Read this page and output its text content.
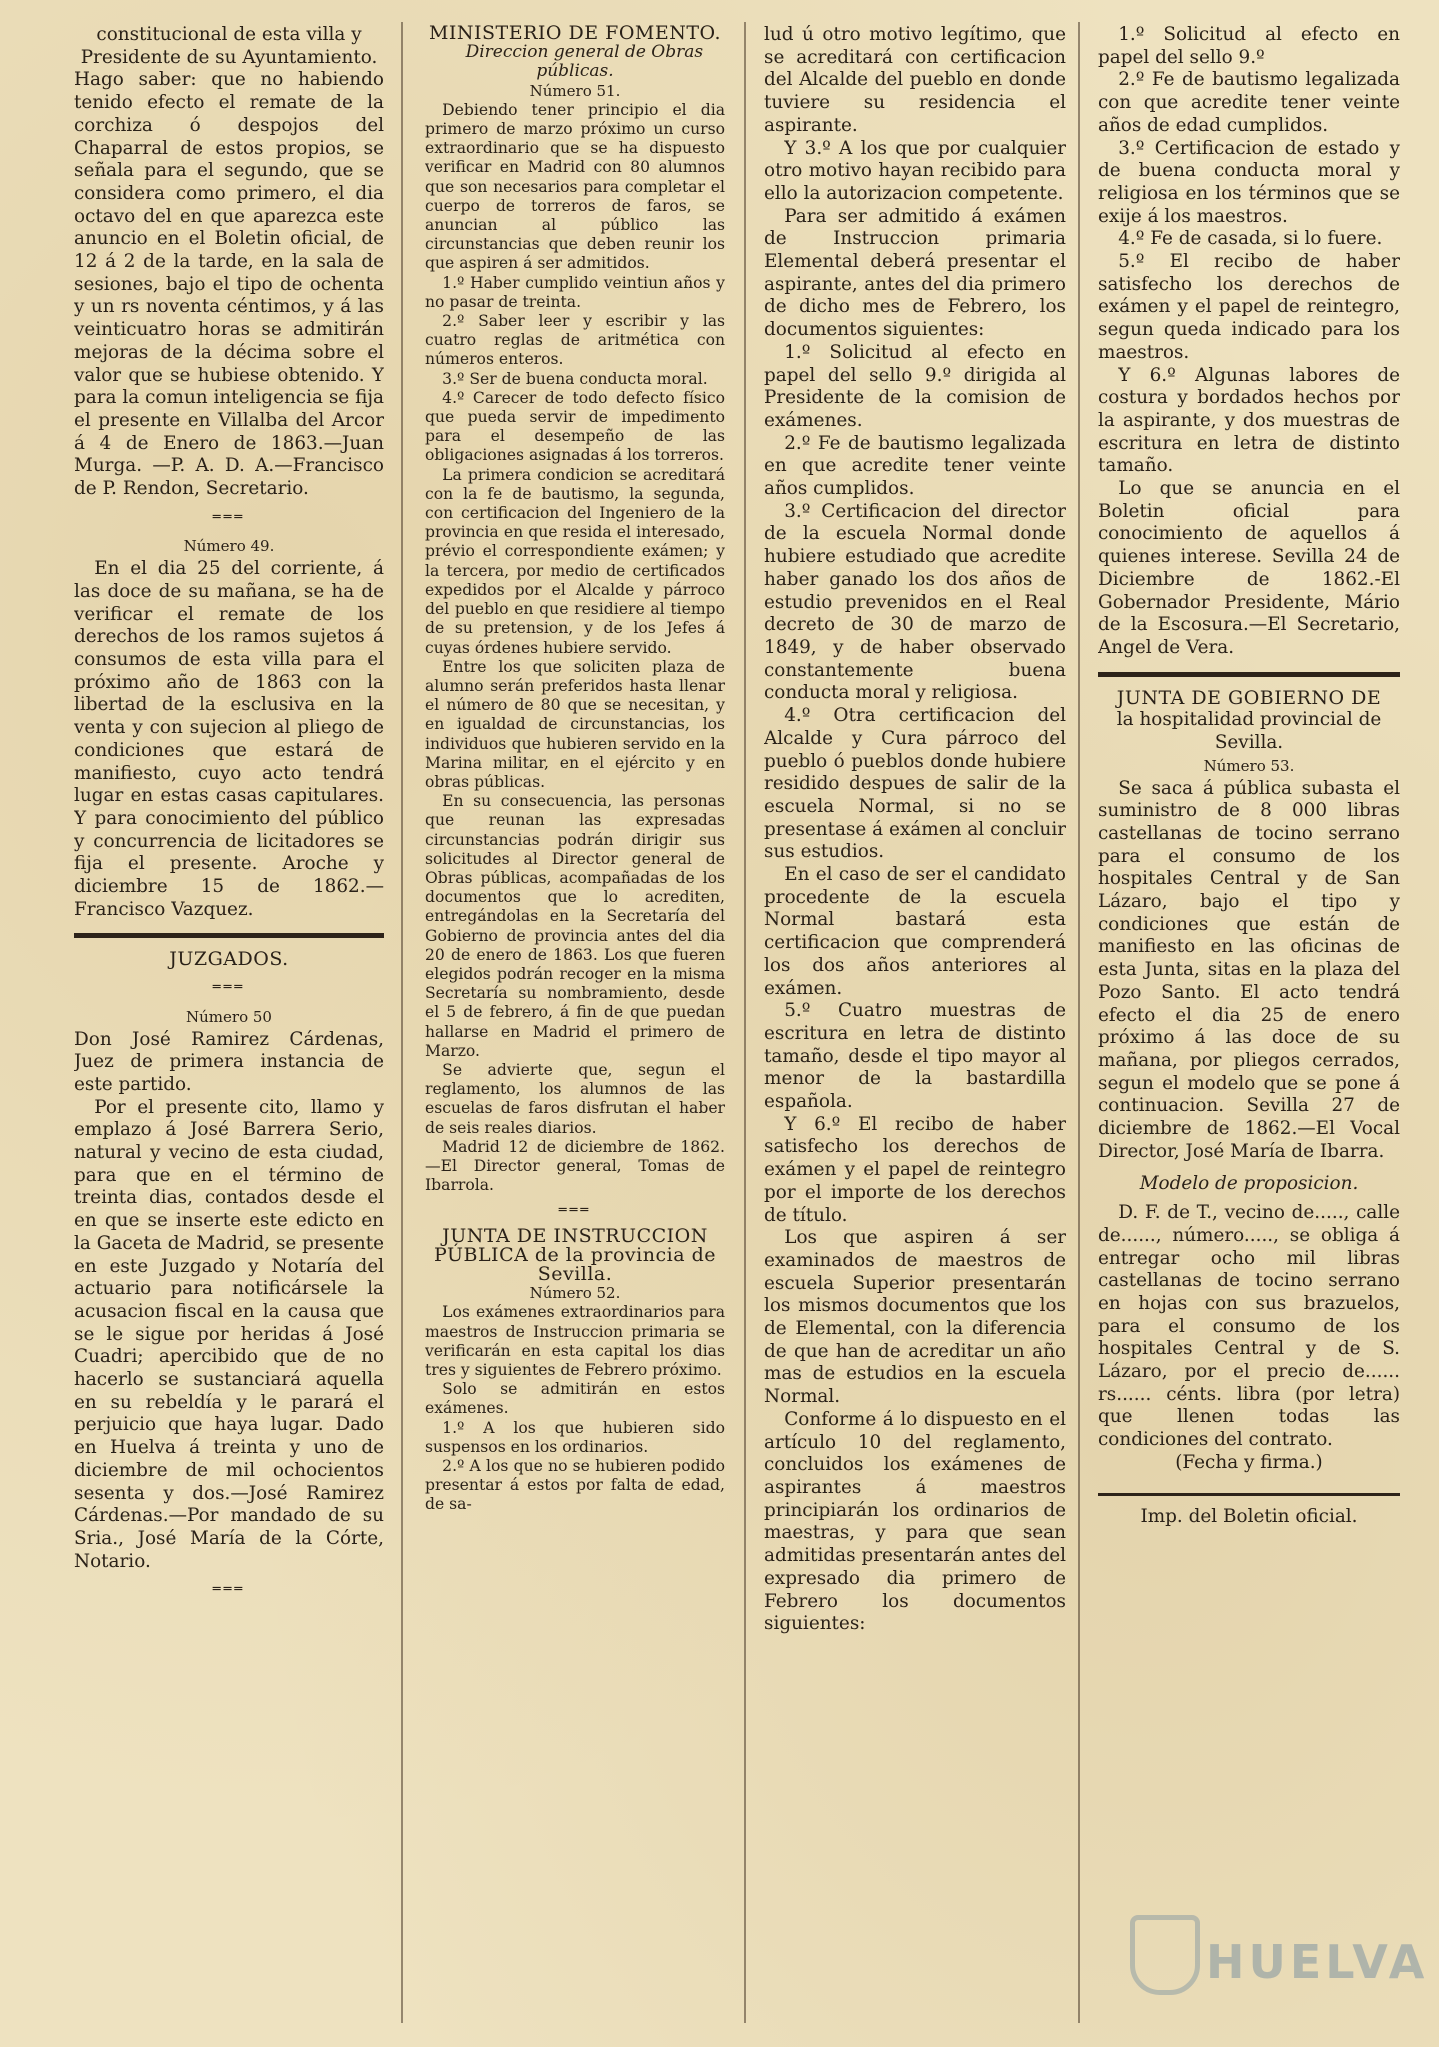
constitucional de esta villa y Presidente de su Ayuntamiento.

Hago saber: que no habiendo tenido efecto el remate de la corchiza ó despojos del Chaparral de estos propios, se señala para el segundo, que se considera como primero, el dia octavo del en que aparezca este anuncio en el Boletin oficial, de 12 á 2 de la tarde, en la sala de sesiones, bajo el tipo de ochenta y un rs noventa céntimos, y á las veinticuatro horas se admitirán mejoras de la décima sobre el valor que se hubiese obtenido. Y para la comun inteligencia se fija el presente en Villalba del Arcor á 4 de Enero de 1863.—Juan Murga. —P. A. D. A.—Francisco de P. Rendon, Secretario.

═══

Número 49.

En el dia 25 del corriente, á las doce de su mañana, se ha de verificar el remate de los derechos de los ramos sujetos á consumos de esta villa para el próximo año de 1863 con la libertad de la esclusiva en la venta y con sujecion al pliego de condiciones que estará de manifiesto, cuyo acto tendrá lugar en estas casas capitulares. Y para conocimiento del público y concurrencia de licitadores se fija el presente. Aroche y diciembre 15 de 1862.—Francisco Vazquez.

JUZGADOS.

═══

Número 50

Don José Ramirez Cárdenas, Juez de primera instancia de este partido.

Por el presente cito, llamo y emplazo á José Barrera Serio, natural y vecino de esta ciudad, para que en el término de treinta dias, contados desde el en que se inserte este edicto en la Gaceta de Madrid, se presente en este Juzgado y Notaría del actuario para notificársele la acusacion fiscal en la causa que se le sigue por heridas á José Cuadri; apercibido que de no hacerlo se sustanciará aquella en su rebeldía y le parará el perjuicio que haya lugar. Dado en Huelva á treinta y uno de diciembre de mil ochocientos sesenta y dos.—José Ramirez Cárdenas.—Por mandado de su Sria., José María de la Córte, Notario.

═══

MINISTERIO DE FOMENTO.

Direccion general de Obras públicas.

Número 51.

Debiendo tener principio el dia primero de marzo próximo un curso extraordinario que se ha dispuesto verificar en Madrid con 80 alumnos que son necesarios para completar el cuerpo de torreros de faros, se anuncian al público las circunstancias que deben reunir los que aspiren á ser admitidos.

1.º Haber cumplido veintiun años y no pasar de treinta.

2.º Saber leer y escribir y las cuatro reglas de aritmética con números enteros.

3.º Ser de buena conducta moral.

4.º Carecer de todo defecto físico que pueda servir de impedimento para el desempeño de las obligaciones asignadas á los torreros.

La primera condicion se acreditará con la fe de bautismo, la segunda, con certificacion del Ingeniero de la provincia en que resida el interesado, prévio el correspondiente exámen; y la tercera, por medio de certificados expedidos por el Alcalde y párroco del pueblo en que residiere al tiempo de su pretension, y de los Jefes á cuyas órdenes hubiere servido.

Entre los que soliciten plaza de alumno serán preferidos hasta llenar el número de 80 que se necesitan, y en igualdad de circunstancias, los individuos que hubieren servido en la Marina militar, en el ejército y en obras públicas.

En su consecuencia, las personas que reunan las expresadas circunstancias podrán dirigir sus solicitudes al Director general de Obras públicas, acompañadas de los documentos que lo acrediten, entregándolas en la Secretaría del Gobierno de provincia antes del dia 20 de enero de 1863. Los que fueren elegidos podrán recoger en la misma Secretaría su nombramiento, desde el 5 de febrero, á fin de que puedan hallarse en Madrid el primero de Marzo.

Se advierte que, segun el reglamento, los alumnos de las escuelas de faros disfrutan el haber de seis reales diarios.

Madrid 12 de diciembre de 1862. —El Director general, Tomas de Ibarrola.

═══

JUNTA DE INSTRUCCION PÚBLICA de la provincia de Sevilla.

Número 52.

Los exámenes extraordinarios para maestros de Instruccion primaria se verificarán en esta capital los dias tres y siguientes de Febrero próximo.

Solo se admitirán en estos exámenes.

1.º A los que hubieren sido suspensos en los ordinarios.

2.º A los que no se hubieren podido presentar á estos por falta de edad, de sa-

lud ú otro motivo legítimo, que se acreditará con certificacion del Alcalde del pueblo en donde tuviere su residencia el aspirante.

Y 3.º A los que por cualquier otro motivo hayan recibido para ello la autorizacion competente.

Para ser admitido á exámen de Instruccion primaria Elemental deberá presentar el aspirante, antes del dia primero de dicho mes de Febrero, los documentos siguientes:

1.º Solicitud al efecto en papel del sello 9.º dirigida al Presidente de la comision de exámenes.

2.º Fe de bautismo legalizada en que acredite tener veinte años cumplidos.

3.º Certificacion del director de la escuela Normal donde hubiere estudiado que acredite haber ganado los dos años de estudio prevenidos en el Real decreto de 30 de marzo de 1849, y de haber observado constantemente buena conducta moral y religiosa.

4.º Otra certificacion del Alcalde y Cura párroco del pueblo ó pueblos donde hubiere residido despues de salir de la escuela Normal, si no se presentase á exámen al concluir sus estudios.

En el caso de ser el candidato procedente de la escuela Normal bastará esta certificacion que comprenderá los dos años anteriores al exámen.

5.º Cuatro muestras de escritura en letra de distinto tamaño, desde el tipo mayor al menor de la bastardilla española.

Y 6.º El recibo de haber satisfecho los derechos de exámen y el papel de reintegro por el importe de los derechos de título.

Los que aspiren á ser examinados de maestros de escuela Superior presentarán los mismos documentos que los de Elemental, con la diferencia de que han de acreditar un año mas de estudios en la escuela Normal.

Conforme á lo dispuesto en el artículo 10 del reglamento, concluidos los exámenes de aspirantes á maestros principiarán los ordinarios de maestras, y para que sean admitidas presentarán antes del expresado dia primero de Febrero los documentos siguientes:

1.º Solicitud al efecto en papel del sello 9.º

2.º Fe de bautismo legalizada con que acredite tener veinte años de edad cumplidos.

3.º Certificacion de estado y de buena conducta moral y religiosa en los términos que se exije á los maestros.

4.º Fe de casada, si lo fuere.

5.º El recibo de haber satisfecho los derechos de exámen y el papel de reintegro, segun queda indicado para los maestros.

Y 6.º Algunas labores de costura y bordados hechos por la aspirante, y dos muestras de escritura en letra de distinto tamaño.

Lo que se anuncia en el Boletin oficial para conocimiento de aquellos á quienes interese. Sevilla 24 de Diciembre de 1862.-El Gobernador Presidente, Mário de la Escosura.—El Secretario, Angel de Vera.

JUNTA DE GOBIERNO DE

la hospitalidad provincial de Sevilla.

Número 53.

Se saca á pública subasta el suministro de 8 000 libras castellanas de tocino serrano para el consumo de los hospitales Central y de San Lázaro, bajo el tipo y condiciones que están de manifiesto en las oficinas de esta Junta, sitas en la plaza del Pozo Santo. El acto tendrá efecto el dia 25 de enero próximo á las doce de su mañana, por pliegos cerrados, segun el modelo que se pone á continuacion. Sevilla 27 de diciembre de 1862.—El Vocal Director, José María de Ibarra.

Modelo de proposicion.

D. F. de T., vecino de....., calle de......, número....., se obliga á entregar ocho mil libras castellanas de tocino serrano en hojas con sus brazuelos, para el consumo de los hospitales Central y de S. Lázaro, por el precio de...... rs...... cénts. libra (por letra) que llenen todas las condiciones del contrato.

(Fecha y firma.)

Imp. del Boletin oficial.

HUELVA
